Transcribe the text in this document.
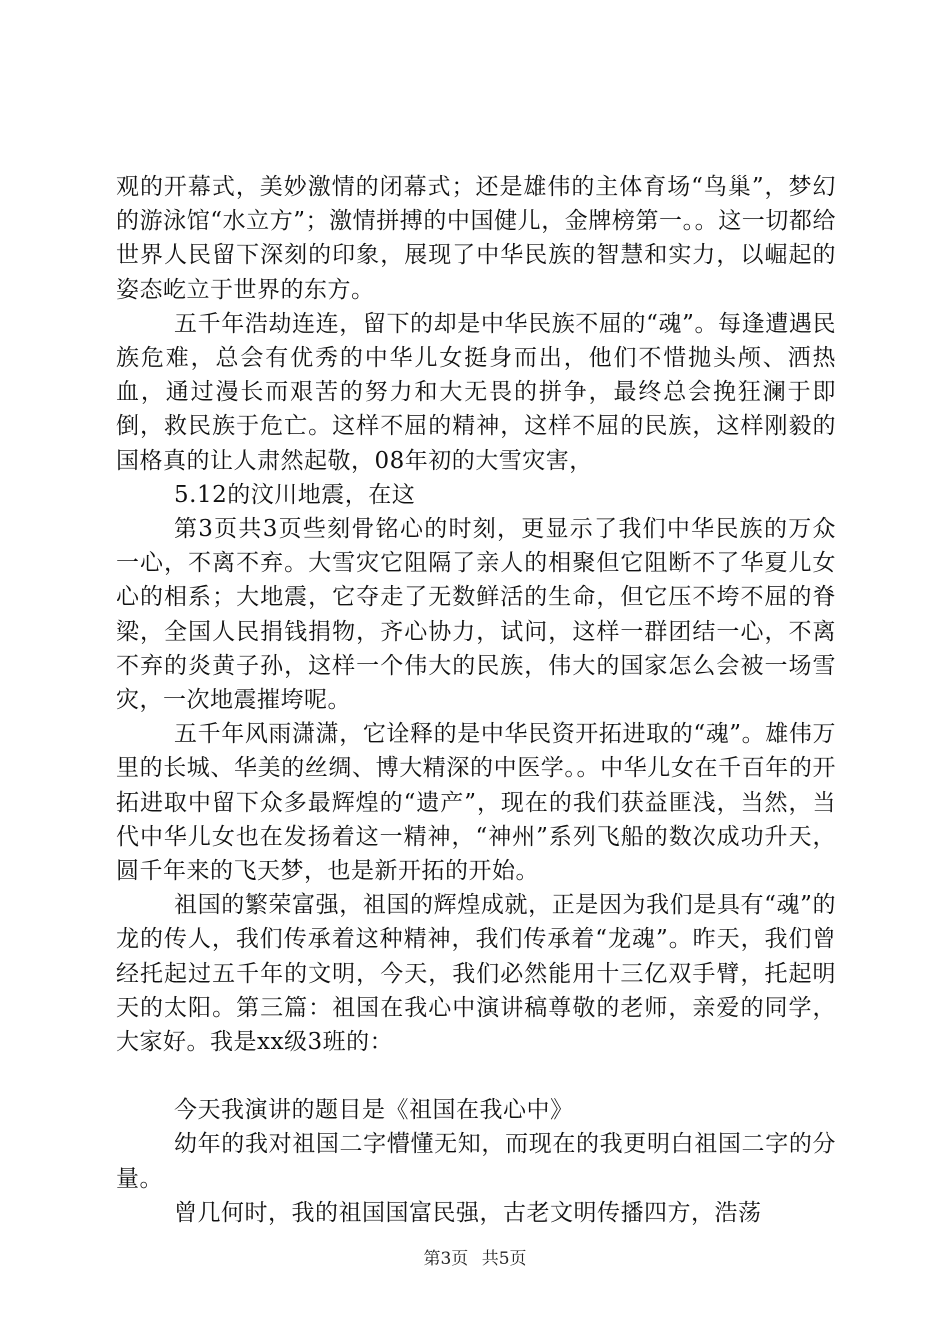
观的开幕式，美妙激情的闭幕式；还是雄伟的主体育场“鸟巢”，梦幻的游泳馆“水立方”；激情拼搏的中国健儿，金牌榜第一。。这一切都给世界人民留下深刻的印象，展现了中华民族的智慧和实力，以崛起的姿态屹立于世界的东方。

五千年浩劫连连，留下的却是中华民族不屈的“魂”。每逢遭遇民族危难，总会有优秀的中华儿女挺身而出，他们不惜抛头颅、洒热血，通过漫长而艰苦的努力和大无畏的拼争，最终总会挽狂澜于即倒，救民族于危亡。这样不屈的精神，这样不屈的民族，这样刚毅的国格真的让人肃然起敬，08年初的大雪灾害，

5.12的汶川地震，在这

第3页共3页些刻骨铭心的时刻，更显示了我们中华民族的万众一心，不离不弃。大雪灾它阻隔了亲人的相聚但它阻断不了华夏儿女心的相系；大地震，它夺走了无数鲜活的生命，但它压不垮不屈的脊梁，全国人民捐钱捐物，齐心协力，试问，这样一群团结一心，不离不弃的炎黄子孙，这样一个伟大的民族，伟大的国家怎么会被一场雪灾，一次地震摧垮呢。

五千年风雨潇潇，它诠释的是中华民资开拓进取的“魂”。雄伟万里的长城、华美的丝绸、博大精深的中医学。。中华儿女在千百年的开拓进取中留下众多最辉煌的“遗产”，现在的我们获益匪浅，当然，当代中华儿女也在发扬着这一精神，“神州”系列飞船的数次成功升天，圆千年来的飞天梦，也是新开拓的开始。

祖国的繁荣富强，祖国的辉煌成就，正是因为我们是具有“魂”的龙的传人，我们传承着这种精神，我们传承着“龙魂”。昨天，我们曾经托起过五千年的文明，今天，我们必然能用十三亿双手臂，托起明天的太阳。第三篇：祖国在我心中演讲稿尊敬的老师，亲爱的同学，大家好。我是xx级3班的：

今天我演讲的题目是《祖国在我心中》

幼年的我对祖国二字懵懂无知，而现在的我更明白祖国二字的分量。

曾几何时，我的祖国国富民强，古老文明传播四方，浩荡

第3页 共5页
